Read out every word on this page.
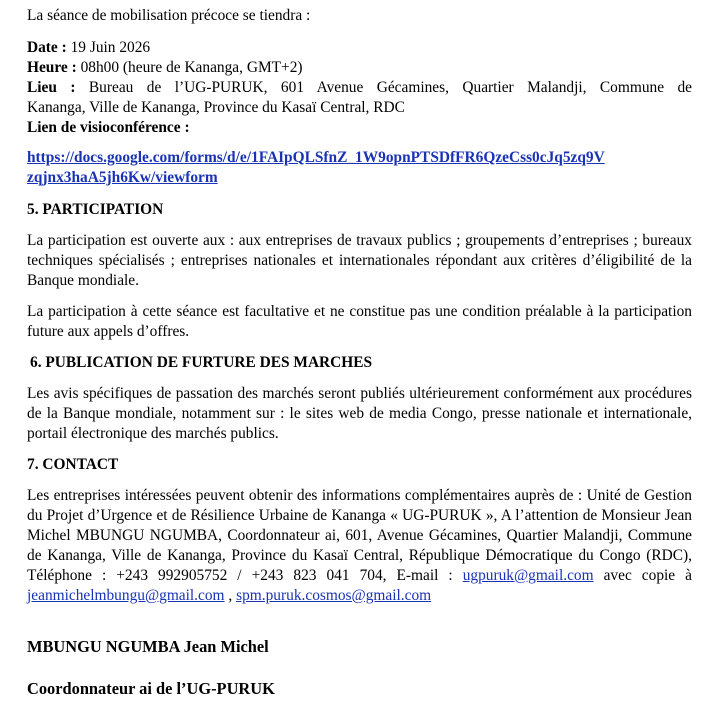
La séance de mobilisation précoce se tiendra :

Date : 19 Juin 2026

Heure : 08h00 (heure de Kananga, GMT+2)

Lieu : Bureau de l’UG-PURUK, 601 Avenue Gécamines, Quartier Malandji, Commune de

Kananga, Ville de Kananga, Province du Kasaï Central, RDC

Lien de visioconférence :

https://docs.google.com/forms/d/e/1FAIpQLSfnZ_1W9opnPTSDfFR6QzeCss0cJq5zq9V

zqjnx3haA5jh6Kw/viewform

5. PARTICIPATION

La participation est ouverte aux : aux entreprises de travaux publics ; groupements d’entreprises ; bureaux techniques spécialisés ; entreprises nationales et internationales répondant aux critères d’éligibilité de la Banque mondiale.

La participation à cette séance est facultative et ne constitue pas une condition préalable à la participation future aux appels d’offres.

6. PUBLICATION DE FURTURE DES MARCHES

Les avis spécifiques de passation des marchés seront publiés ultérieurement conformément aux procédures de la Banque mondiale, notamment sur : le sites web de media Congo, presse nationale et internationale, portail électronique des marchés publics.

7. CONTACT

Les entreprises intéressées peuvent obtenir des informations complémentaires auprès de : Unité de Gestion du Projet d’Urgence et de Résilience Urbaine de Kananga « UG-PURUK », A l’attention de Monsieur Jean Michel MBUNGU NGUMBA, Coordonnateur ai, 601, Avenue Gécamines, Quartier Malandji, Commune de Kananga, Ville de Kananga, Province du Kasaï Central, République Démocratique du Congo (RDC), Téléphone : +243 992905752 / +243 823 041 704, E-mail : ugpuruk@gmail.com avec copie à jeanmichelmbungu@gmail.com , spm.puruk.cosmos@gmail.com

MBUNGU NGUMBA Jean Michel

Coordonnateur ai de l’UG-PURUK
